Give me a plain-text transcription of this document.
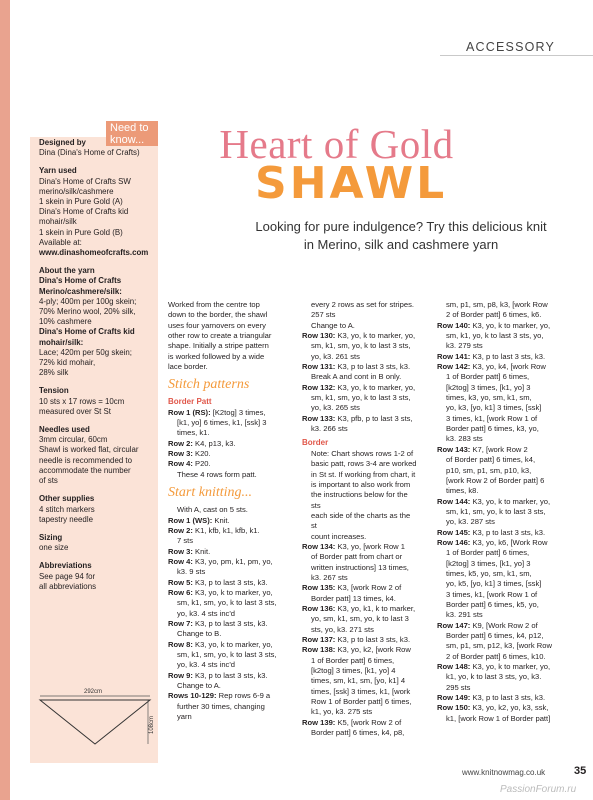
ACCESSORY
Need to know...
Designed by
Dina (Dina's Home of Crafts)
Yarn used
Dina's Home of Crafts SW
merino/silk/cashmere
1 skein in Pure Gold (A)
Dina's Home of Crafts kid
mohair/silk
1 skein in Pure Gold (B)
Available at:
www.dinashomeofcrafts.com
About the yarn
Dina's Home of Crafts
Merino/cashmere/silk:
4-ply; 400m per 100g skein;
70% Merino wool, 20% silk,
10% cashmere
Dina's Home of Crafts kid
mohair/silk:
Lace; 420m per 50g skein;
72% kid mohair,
28% silk
Tension
10 sts x 17 rows = 10cm
measured over St St
Needles used
3mm circular, 60cm
Shawl is worked flat, circular
needle is recommended to
accommodate the number
of sts
Other supplies
4 stitch markers
tapestry needle
Sizing
one size
Abbreviations
See page 94 for
all abbreviations
292cm
108cm
Heart of Gold
SHAWL
Looking for pure indulgence? Try this delicious knit
in Merino, silk and cashmere yarn
Worked from the centre top
down to the border, the shawl
uses four yarnovers on every
other row to create a triangular
shape. Initially a stripe pattern
is worked followed by a wide
lace border.
Stitch patterns
Border Patt

Row 1 (RS): [K2tog] 3 times,

[k1, yo] 6 times, k1, [ssk] 3

times, k1.

Row 2: K4, p13, k3.

Row 3: K20.

Row 4: P20.

These 4 rows form patt.

Start knitting...

With A, cast on 5 sts.

Row 1 (WS): Knit.

Row 2: K1, kfb, k1, kfb, k1.

7 sts

Row 3: Knit.

Row 4: K3, yo, pm, k1, pm, yo,

k3. 9 sts

Row 5: K3, p to last 3 sts, k3.

Row 6: K3, yo, k to marker, yo,

sm, k1, sm, yo, k to last 3 sts,

yo, k3. 4 sts inc'd

Row 7: K3, p to last 3 sts, k3.

Change to B.

Row 8: K3, yo, k to marker, yo,

sm, k1, sm, yo, k to last 3 sts,

yo, k3. 4 sts inc'd

Row 9: K3, p to last 3 sts, k3.

Change to A.

Rows 10-129: Rep rows 6-9 a

further 30 times, changing yarn

every 2 rows as set for stripes.

257 sts

Change to A.

Row 130: K3, yo, k to marker, yo,

sm, k1, sm, yo, k to last 3 sts,

yo, k3. 261 sts

Row 131: K3, p to last 3 sts, k3.

Break A and cont in B only.

Row 132: K3, yo, k to marker, yo,

sm, k1, sm, yo, k to last 3 sts,

yo, k3. 265 sts

Row 133: K3, pfb, p to last 3 sts,

k3. 266 sts

Border

Note: Chart shows rows 1-2 of

basic patt, rows 3-4 are worked

in St st. If working from chart, it

is important to also work from

the instructions below for the sts

each side of the charts as the st

count increases.

Row 134: K3, yo, [work Row 1

of Border patt from chart or

written instructions] 13 times,

k3. 267 sts

Row 135: K3, [work Row 2 of

Border patt] 13 times, k4.

Row 136: K3, yo, k1, k to marker,

yo, sm, k1, sm, yo, k to last 3

sts, yo, k3. 271 sts

Row 137: K3, p to last 3 sts, k3.

Row 138: K3, yo, k2, [work Row

1 of Border patt] 6 times,

[k2tog] 3 times, [k1, yo] 4

times, sm, k1, sm, [yo, k1] 4

times, [ssk] 3 times, k1, [work

Row 1 of Border patt] 6 times,

k1, yo, k3. 275 sts

Row 139: K5, [work Row 2 of

Border patt] 6 times, k4, p8,

sm, p1, sm, p8, k3, [work Row

2 of Border patt] 6 times, k6.

Row 140: K3, yo, k to marker, yo,

sm, k1, yo, k to last 3 sts, yo,

k3. 279 sts

Row 141: K3, p to last 3 sts, k3.

Row 142: K3, yo, k4, [work Row

1 of Border patt] 6 times,

[k2tog] 3 times, [k1, yo] 3

times, k3, yo, sm, k1, sm,

yo, k3, [yo, k1] 3 times, [ssk]

3 times, k1, [work Row 1 of

Border patt] 6 times, k3, yo,

k3. 283 sts

Row 143: K7, [work Row 2

of Border patt] 6 times, k4,

p10, sm, p1, sm, p10, k3,

[work Row 2 of Border patt] 6

times, k8.

Row 144: K3, yo, k to marker, yo,

sm, k1, sm, yo, k to last 3 sts,

yo, k3. 287 sts

Row 145: K3, p to last 3 sts, k3.

Row 146: K3, yo, k6, [Work Row

1 of Border patt] 6 times,

[k2tog] 3 times, [k1, yo] 3

times, k5, yo, sm, k1, sm,

yo, k5, [yo, k1] 3 times, [ssk]

3 times, k1, [work Row 1 of

Border patt] 6 times, k5, yo,

k3. 291 sts

Row 147: K9, [Work Row 2 of

Border patt] 6 times, k4, p12,

sm, p1, sm, p12, k3, [work Row

2 of Border patt] 6 times, k10.

Row 148: K3, yo, k to marker, yo,

k1, yo, k to last 3 sts, yo, k3.

295 sts

Row 149: K3, p to last 3 sts, k3.

Row 150: K3, yo, k2, yo, k3, ssk,

k1, [work Row 1 of Border patt]

www.knitnowmag.co.uk	35
PassionForum.ru
